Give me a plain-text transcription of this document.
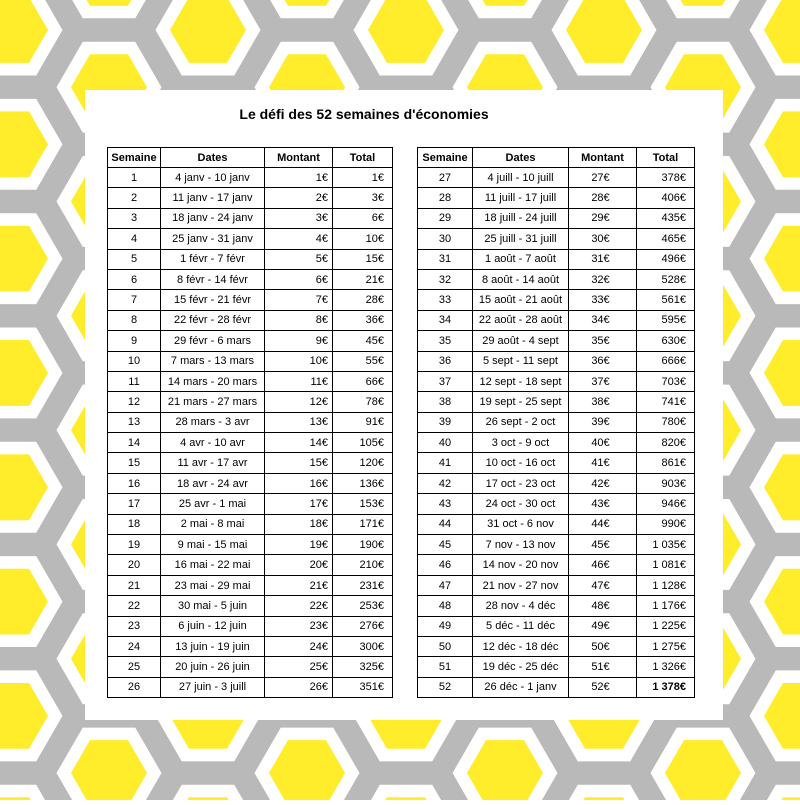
Le défi des 52 semaines d'économies
Semaine	Dates	Montant	Total
1	4 janv - 10 janv	1€	1€
2	11 janv - 17 janv	2€	3€
3	18 janv - 24 janv	3€	6€
4	25 janv - 31 janv	4€	10€
5	1 févr - 7 févr	5€	15€
6	8 févr - 14 févr	6€	21€
7	15 févr - 21 févr	7€	28€
8	22 févr - 28 févr	8€	36€
9	29 févr - 6 mars	9€	45€
10	7 mars - 13 mars	10€	55€
11	14 mars - 20 mars	11€	66€
12	21 mars - 27 mars	12€	78€
13	28 mars - 3 avr	13€	91€
14	4 avr - 10 avr	14€	105€
15	11 avr - 17 avr	15€	120€
16	18 avr - 24 avr	16€	136€
17	25 avr - 1 mai	17€	153€
18	2 mai - 8 mai	18€	171€
19	9 mai - 15 mai	19€	190€
20	16 mai - 22 mai	20€	210€
21	23 mai - 29 mai	21€	231€
22	30 mai - 5 juin	22€	253€
23	6 juin - 12 juin	23€	276€
24	13 juin - 19 juin	24€	300€
25	20 juin - 26 juin	25€	325€
26	27 juin - 3 juill	26€	351€
Semaine	Dates	Montant	Total
27	4 juill - 10 juill	27€	378€
28	11 juill - 17 juill	28€	406€
29	18 juill - 24 juill	29€	435€
30	25 juill - 31 juill	30€	465€
31	1 août - 7 août	31€	496€
32	8 août - 14 août	32€	528€
33	15 août - 21 août	33€	561€
34	22 août - 28 août	34€	595€
35	29 août - 4 sept	35€	630€
36	5 sept - 11 sept	36€	666€
37	12 sept - 18 sept	37€	703€
38	19 sept - 25 sept	38€	741€
39	26 sept - 2 oct	39€	780€
40	3 oct - 9 oct	40€	820€
41	10 oct - 16 oct	41€	861€
42	17 oct - 23 oct	42€	903€
43	24 oct - 30 oct	43€	946€
44	31 oct - 6 nov	44€	990€
45	7 nov - 13 nov	45€	1 035€
46	14 nov - 20 nov	46€	1 081€
47	21 nov - 27 nov	47€	1 128€
48	28 nov - 4 déc	48€	1 176€
49	5 déc - 11 déc	49€	1 225€
50	12 déc - 18 déc	50€	1 275€
51	19 déc - 25 déc	51€	1 326€
52	26 déc - 1 janv	52€	1 378€
